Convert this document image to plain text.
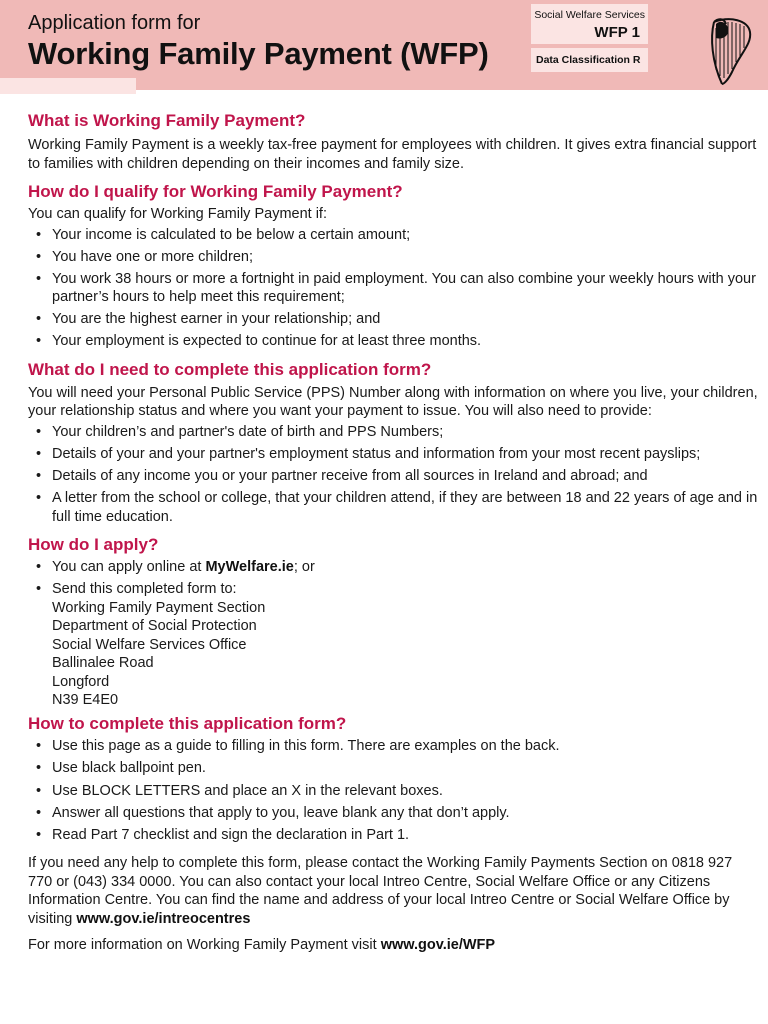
Application form for
Working Family Payment (WFP)
Social Welfare Services
WFP 1
Data Classification R
What is Working Family Payment?

Working Family Payment is a weekly tax-free payment for employees with children. It gives extra financial support to families with children depending on their incomes and family size.

How do I qualify for Working Family Payment?

You can qualify for Working Family Payment if:

• Your income is calculated to be below a certain amount;
• You have one or more children;
• You work 38 hours or more a fortnight in paid employment. You can also combine your weekly hours with your partner’s hours to help meet this requirement;
• You are the highest earner in your relationship; and
• Your employment is expected to continue for at least three months.
What do I need to complete this application form?

You will need your Personal Public Service (PPS) Number along with information on where you live, your children, your relationship status and where you want your payment to issue. You will also need to provide:

• Your children’s and partner's date of birth and PPS Numbers;
• Details of your and your partner's employment status and information from your most recent payslips;
• Details of any income you or your partner receive from all sources in Ireland and abroad; and
• A letter from the school or college, that your children attend, if they are between 18 and 22 years of age and in full time education.
How do I apply?
• You can apply online at MyWelfare.ie; or
• Send this completed form to:
Working Family Payment Section
Department of Social Protection
Social Welfare Services Office
Ballinalee Road
Longford
N39 E4E0
How to complete this application form?
• Use this page as a guide to filling in this form. There are examples on the back.
• Use black ballpoint pen.
• Use BLOCK LETTERS and place an X in the relevant boxes.
• Answer all questions that apply to you, leave blank any that don’t apply.
• Read Part 7 checklist and sign the declaration in Part 1.

If you need any help to complete this form, please contact the Working Family Payments Section on 0818 927 770 or (043) 334 0000. You can also contact your local Intreo Centre, Social Welfare Office or any Citizens Information Centre. You can find the name and address of your local Intreo Centre or Social Welfare Office by visiting www.gov.ie/intreocentres

For more information on Working Family Payment visit www.gov.ie/WFP
